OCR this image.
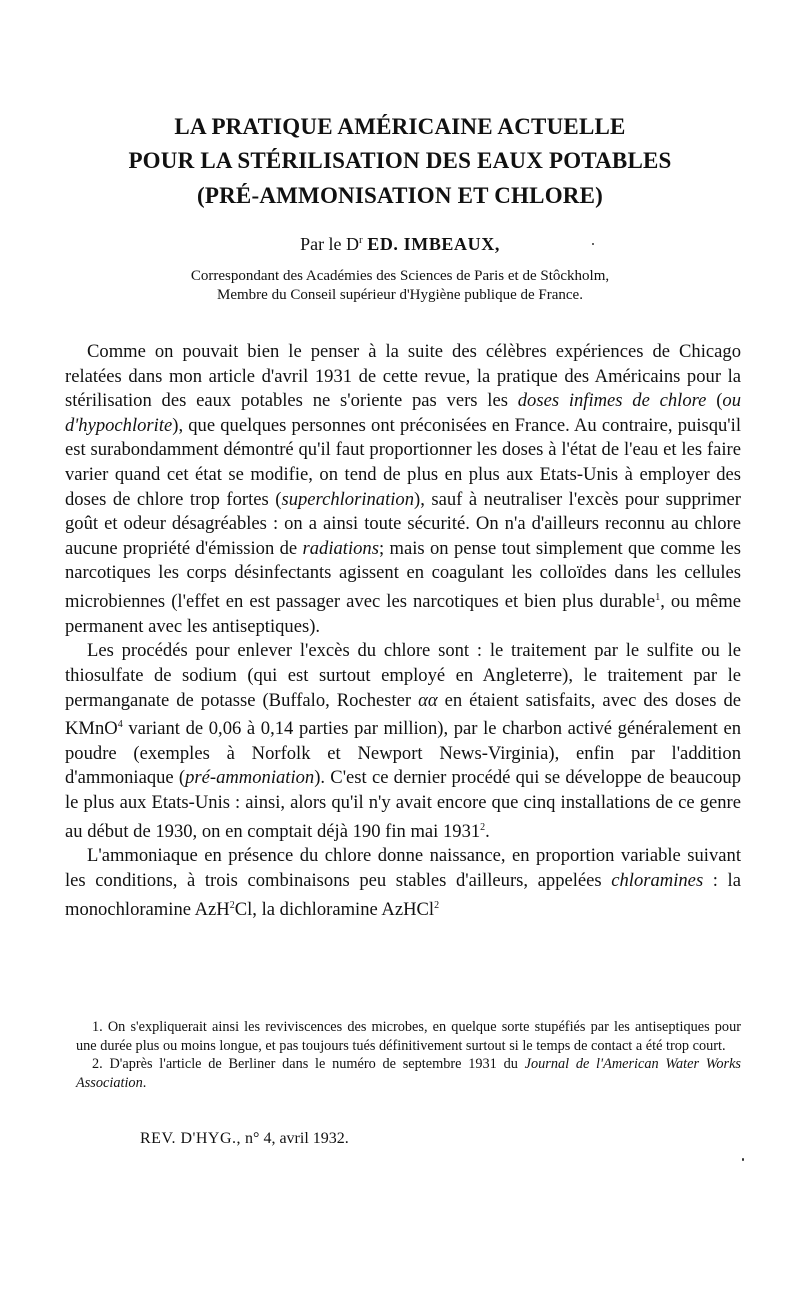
LA PRATIQUE AMÉRICAINE ACTUELLE
POUR LA STÉRILISATION DES EAUX POTABLES
(PRÉ-AMMONISATION ET CHLORE)
Par le $D^r$ ED. IMBEAUX,
Correspondant des Académies des Sciences de Paris et de Stôckholm,
Membre du Conseil supérieur d'Hygiène publique de France.

Comme on pouvait bien le penser à la suite des célèbres expériences de Chicago relatées dans mon article d'avril 1931 de cette revue, la pratique des Américains pour la stérilisation des eaux potables ne s'oriente pas vers les doses infimes de chlore (ou d'hypochlorite), que quelques personnes ont préconisées en France. Au contraire, puisqu'il est surabondamment démontré qu'il faut proportionner les doses à l'état de l'eau et les faire varier quand cet état se modifie, on tend de plus en plus aux Etats-Unis à employer des doses de chlore trop fortes (superchlorination), sauf à neutraliser l'excès pour supprimer goût et odeur désagréables : on a ainsi toute sécurité. On n'a d'ailleurs reconnu au chlore aucune propriété d'émission de radiations; mais on pense tout simplement que comme les narcotiques les corps désinfectants agissent en coagulant les colloïdes dans les cellules microbiennes (l'effet en est passager avec les narcotiques et bien plus durable$^1$, ou même permanent avec les antiseptiques).

Les procédés pour enlever l'excès du chlore sont : le traitement par le sulfite ou le thiosulfate de sodium (qui est surtout employé en Angleterre), le traitement par le permanganate de potasse (Buffalo, Rochester αα en étaient satisfaits, avec des doses de KMnO$^4$ variant de 0,06 à 0,14 parties par million), par le charbon activé généralement en poudre (exemples à Norfolk et Newport News-Virginia), enfin par l'addition d'ammoniaque (pré-ammoniation). C'est ce dernier procédé qui se développe de beaucoup le plus aux Etats-Unis : ainsi, alors qu'il n'y avait encore que cinq installations de ce genre au début de 1930, on en comptait déjà 190 fin mai 1931$^2$.

L'ammoniaque en présence du chlore donne naissance, en proportion variable suivant les conditions, à trois combinaisons peu stables d'ailleurs, appelées chloramines : la monochloramine AzH$^2$Cl, la dichloramine AzHCl$^2$

1. On s'expliquerait ainsi les reviviscences des microbes, en quelque sorte stupéfiés par les antiseptiques pour une durée plus ou moins longue, et pas toujours tués définitivement surtout si le temps de contact a été trop court.

2. D'après l'article de Berliner dans le numéro de septembre 1931 du Journal de l'American Water Works Association.

REV. D'HYG., n° 4, avril 1932.
